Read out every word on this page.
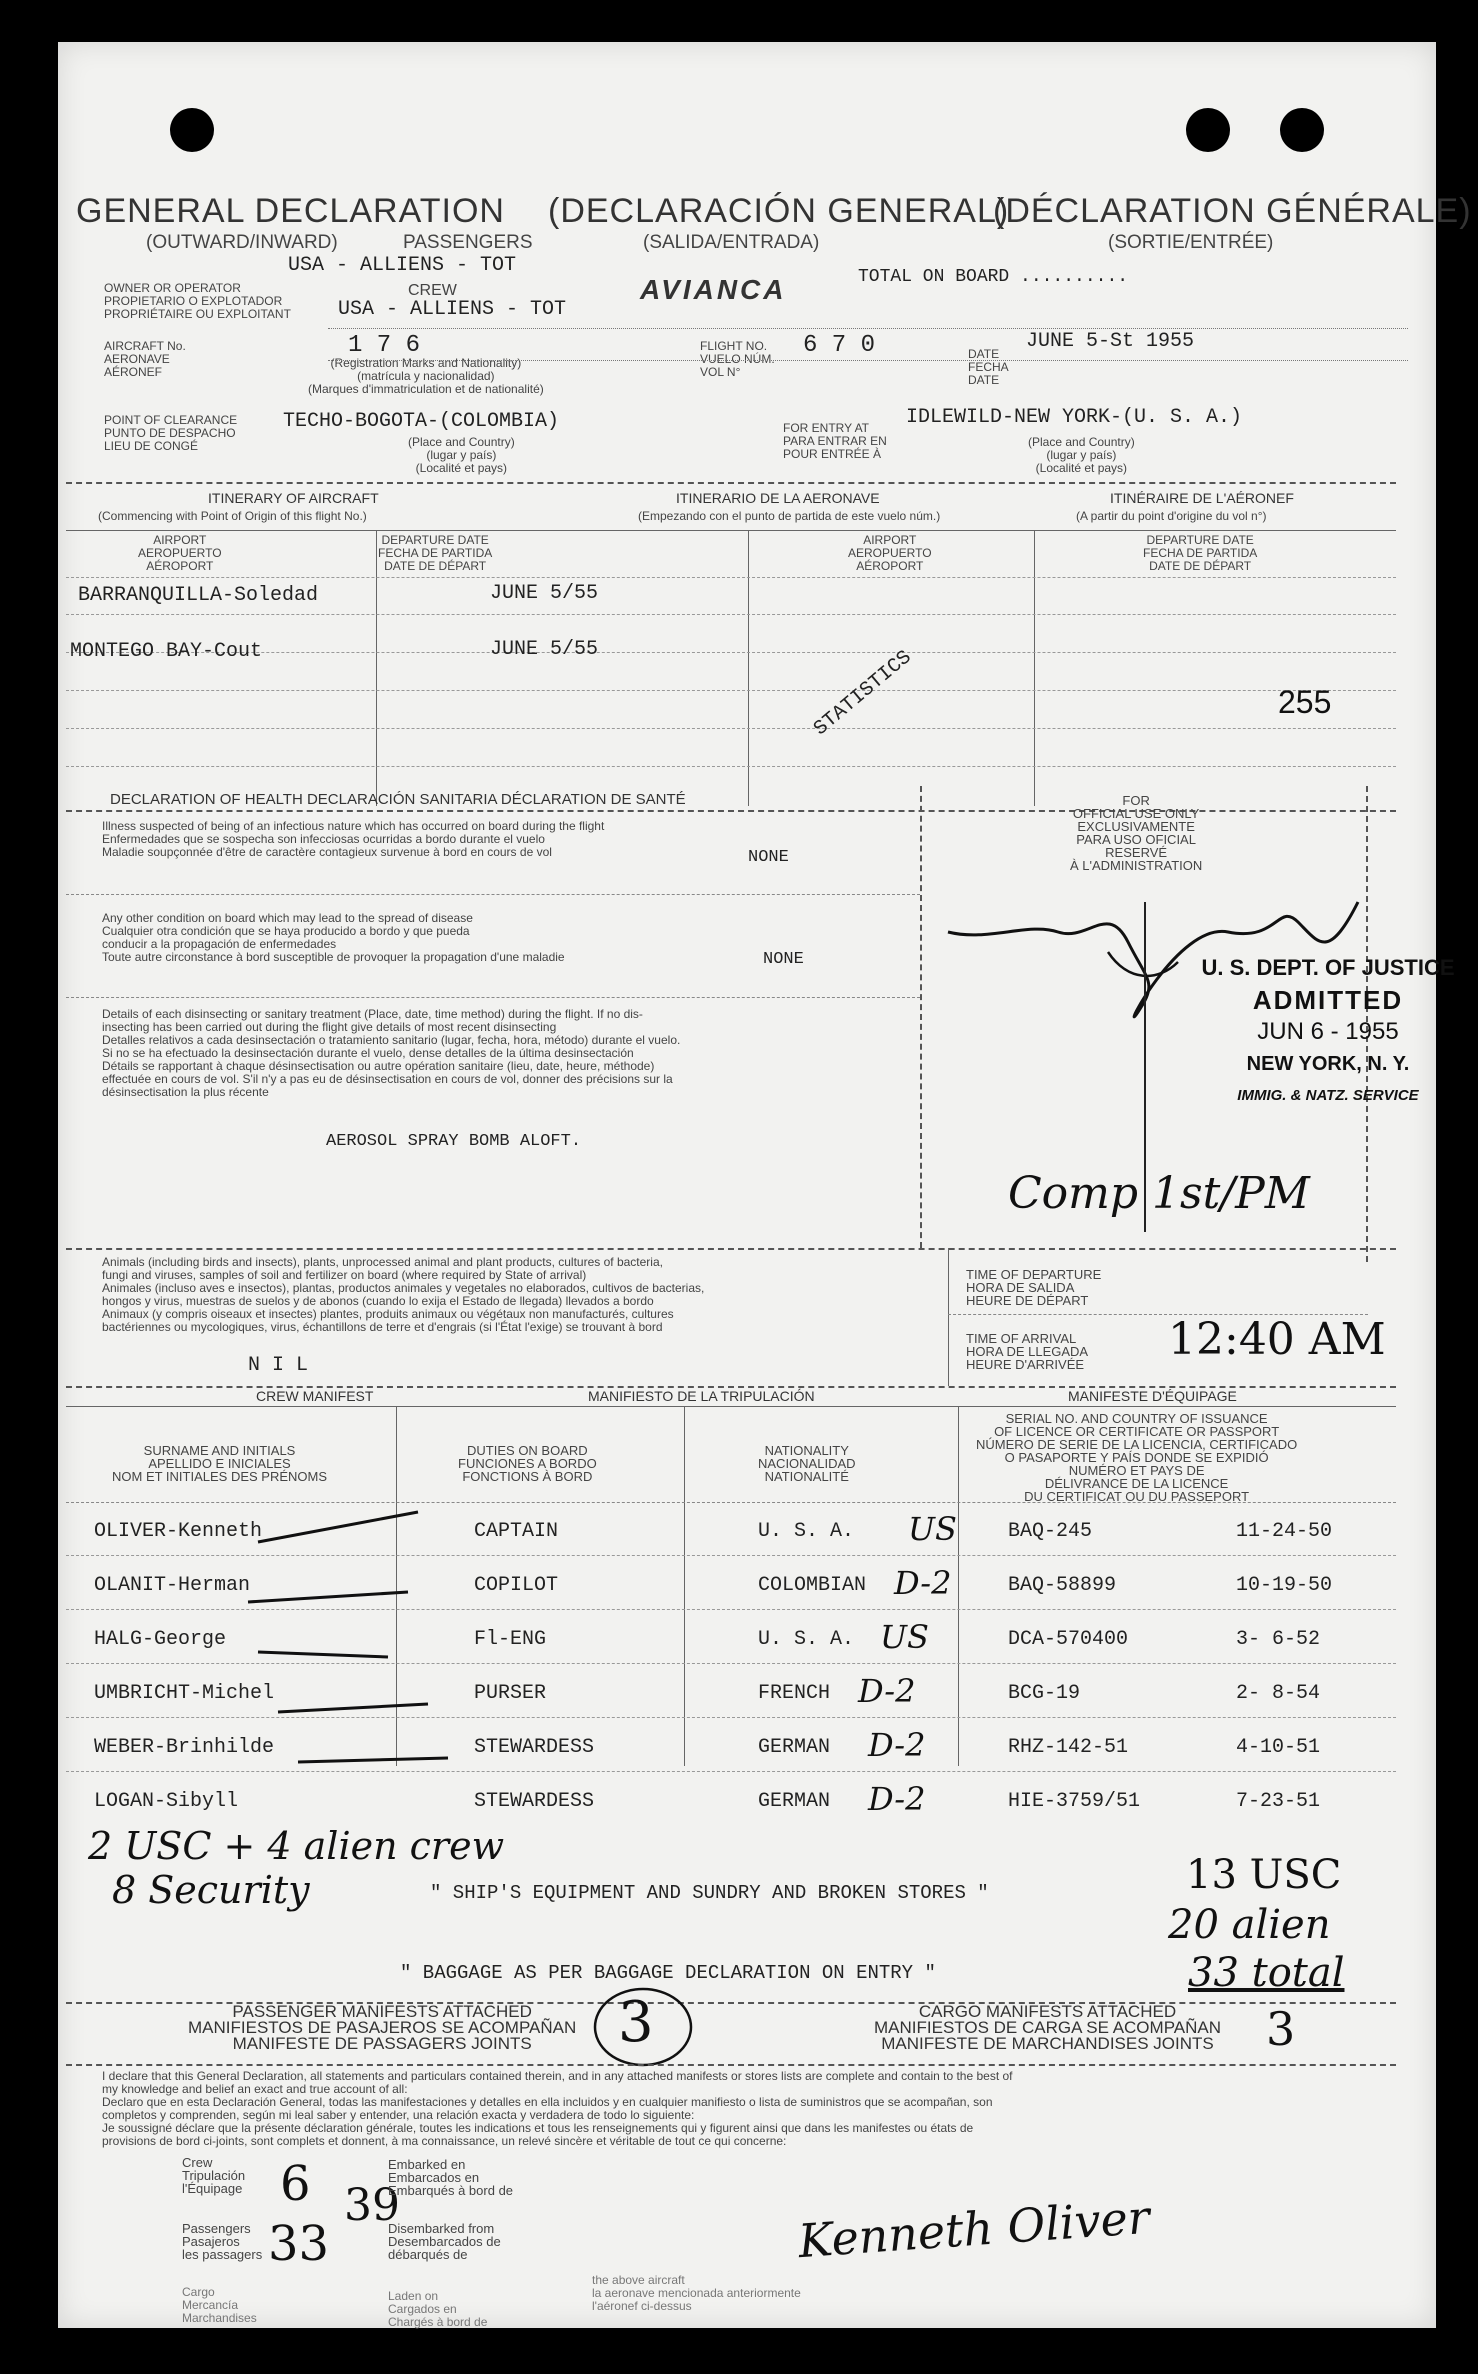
GENERAL DECLARATION (DECLARACIÓN GENERAL)
(DÉCLARATION GÉNÉRALE)
(OUTWARD/INWARD)	PASSENGERS	(SALIDA/ENTRADA)	(SORTIE/ENTRÉE)
USA - ALLIENS - TOT
CREW
OWNER OR OPERATOR
PROPIETARIO O EXPLOTADOR
PROPRIÉTAIRE OU EXPLOITANT USA - ALLIENS - TOT
AVIANCA	TOTAL ON BOARD ..........
AIRCRAFT No.
AERONAVE
AÉRONEF
1 7 6
(Registration Marks and Nationality)
(matrícula y nacionalidad)
(Marques d'immatriculation et de nationalité)
FLIGHT NO.
VUELO NÚM.
VOL N°
6 7 0	DATE
FECHA
DATE
JUNE 5-St 1955
POINT OF CLEARANCE
PUNTO DE DESPACHO
LIEU DE CONGÉ
TECHO-BOGOTA-(COLOMBIA)
(Place and Country)
(lugar y país)
(Localité et pays)
FOR ENTRY AT
PARA ENTRAR EN
POUR ENTRÉE À
IDLEWILD-NEW YORK-(U. S. A.)
(Place and Country)
(lugar y país)
(Localité et pays)
ITINERARY OF AIRCRAFT
(Commencing with Point of Origin of this flight No.)
ITINERARIO DE LA AERONAVE
(Empezando con el punto de partida de este vuelo núm.)
ITINÉRAIRE DE L'AÉRONEF
(A partir du point d'origine du vol n°)
AIRPORT
AEROPUERTO
AÉROPORT
DEPARTURE DATE
FECHA DE PARTIDA
DATE DE DÉPART
AIRPORT
AEROPUERTO
AÉROPORT
DEPARTURE DATE
FECHA DE PARTIDA
DATE DE DÉPART
BARRANQUILLA-Soledad	JUNE 5/55
MONTEGO BAY-Cout	JUNE 5/55	STATISTICS	255
DECLARATION OF HEALTH DECLARACIÓN SANITARIA DÉCLARATION DE SANTÉ
Illness suspected of being of an infectious nature which has occurred on board during the flight
Enfermedades que se sospecha son infecciosas ocurridas a bordo durante el vuelo
Maladie soupçonnée d'être de caractère contagieux survenue à bord en cours de vol	NONE
Any other condition on board which may lead to the spread of disease
Cualquier otra condición que se haya producido a bordo y que pueda
conducir a la propagación de enfermedades
Toute autre circonstance à bord susceptible de provoquer la propagation d'une maladie	NONE
Details of each disinsecting or sanitary treatment (Place, date, time method) during the flight. If no dis-
insecting has been carried out during the flight give details of most recent disinsecting
Detalles relativos a cada desinsectación o tratamiento sanitario (lugar, fecha, hora, método) durante el vuelo.
Si no se ha efectuado la desinsectación durante el vuelo, dense detalles de la última desinsectación
Détails se rapportant à chaque désinsectisation ou autre opération sanitaire (lieu, date, heure, méthode)
effectuée en cours de vol. S'il n'y a pas eu de désinsectisation en cours de vol, donner des précisions sur la
désinsectisation la plus récente
AEROSOL SPRAY BOMB ALOFT.
FOR
OFFICIAL USE ONLY
EXCLUSIVAMENTE
PARA USO OFICIAL
RESERVÉ
À L'ADMINISTRATION
U. S. DEPT. OF JUSTICE
ADMITTED
JUN 6 - 1955
NEW YORK, N. Y.
IMMIG. & NATZ. SERVICE
Comp 1st/PM
Animals (including birds and insects), plants, unprocessed animal and plant products, cultures of bacteria,
fungi and viruses, samples of soil and fertilizer on board (where required by State of arrival)
Animales (incluso aves e insectos), plantas, productos animales y vegetales no elaborados, cultivos de bacterias,
hongos y virus, muestras de suelos y de abonos (cuando lo exija el Estado de llegada) llevados a bordo
Animaux (y compris oiseaux et insectes) plantes, produits animaux ou végétaux non manufacturés, cultures
bactériennes ou mycologiques, virus, échantillons de terre et d'engrais (si l'État l'exige) se trouvant à bord
N I L
TIME OF DEPARTURE
HORA DE SALIDA
HEURE DE DÉPART
TIME OF ARRIVAL
HORA DE LLEGADA
HEURE D'ARRIVÉE 12:40 AM
CREW MANIFEST	MANIFIESTO DE LA TRIPULACIÓN	MANIFESTE D'ÉQUIPAGE
SURNAME AND INITIALS
APELLIDO E INICIALES
NOM ET INITIALES DES PRÉNOMS
DUTIES ON BOARD
FUNCIONES A BORDO
FONCTIONS À BORD
NATIONALITY
NACIONALIDAD
NATIONALITÉ
SERIAL NO. AND COUNTRY OF ISSUANCE
OF LICENCE OR CERTIFICATE OR PASSPORT
NÚMERO DE SERIE DE LA LICENCIA, CERTIFICADO
O PASAPORTE Y PAÍS DONDE SE EXPIDIÓ
NUMÉRO ET PAYS DE
DÉLIVRANCE DE LA LICENCE
DU CERTIFICAT OU DU PASSEPORT
OLIVER-Kenneth	CAPTAIN	U. S. A. US	BAQ-245	11-24-50
OLANIT-Herman	COPILOT	COLOMBIAN D-2	BAQ-58899	10-19-50
HALG-George	Fl-ENG	U. S. A. US	DCA-570400	3- 6-52
UMBRICHT-Michel	PURSER	FRENCH D-2	BCG-19	2- 8-54
WEBER-Brinhilde	STEWARDESS	GERMAN D-2	RHZ-142-51	4-10-51
LOGAN-Sibyll	STEWARDESS	GERMAN D-2	HIE-3759/51	7-23-51
2 USC + 4 alien crew
8 Security	" SHIP'S EQUIPMENT AND SUNDRY AND BROKEN STORES "
" BAGGAGE AS PER BAGGAGE DECLARATION ON ENTRY "
13 USC
20 alien
33 total
PASSENGER MANIFESTS ATTACHED
MANIFIESTOS DE PASAJEROS SE ACOMPAÑAN
MANIFESTE DE PASSAGERS JOINTS	3	CARGO MANIFESTS ATTACHED
MANIFIESTOS DE CARGA SE ACOMPAÑAN
MANIFESTE DE MARCHANDISES JOINTS 3
I declare that this General Declaration, all statements and particulars contained therein, and in any attached manifests or stores lists are complete and contain to the best of
my knowledge and belief an exact and true account of all:
Declaro que en esta Declaración General, todas las manifestaciones y detalles en ella incluidos y en cualquier manifiesto o lista de suministros que se acompañan, son
completos y comprenden, según mi leal saber y entender, una relación exacta y verdadera de todo lo siguiente:
Je soussigné déclare que la présente déclaration générale, toutes les indications et tous les renseignements qui y figurent ainsi que dans les manifestes ou états de
provisions de bord ci-joints, sont complets et donnent, à ma connaissance, un relevé sincère et véritable de tout ce qui concerne:
Crew
Tripulación
l'Équipage 6 39
Passengers
Pasajeros
les passagers 33
Embarked en
Embarcados en
Embarqués à bord de
Disembarked from
Desembarcados de
débarqués de
Cargo
Mercancía
Marchandises
Laden on
Cargados en
Chargés à bord de
the above aircraft
la aeronave mencionada anteriormente
l'aéronef ci-dessus
Kenneth Oliver
